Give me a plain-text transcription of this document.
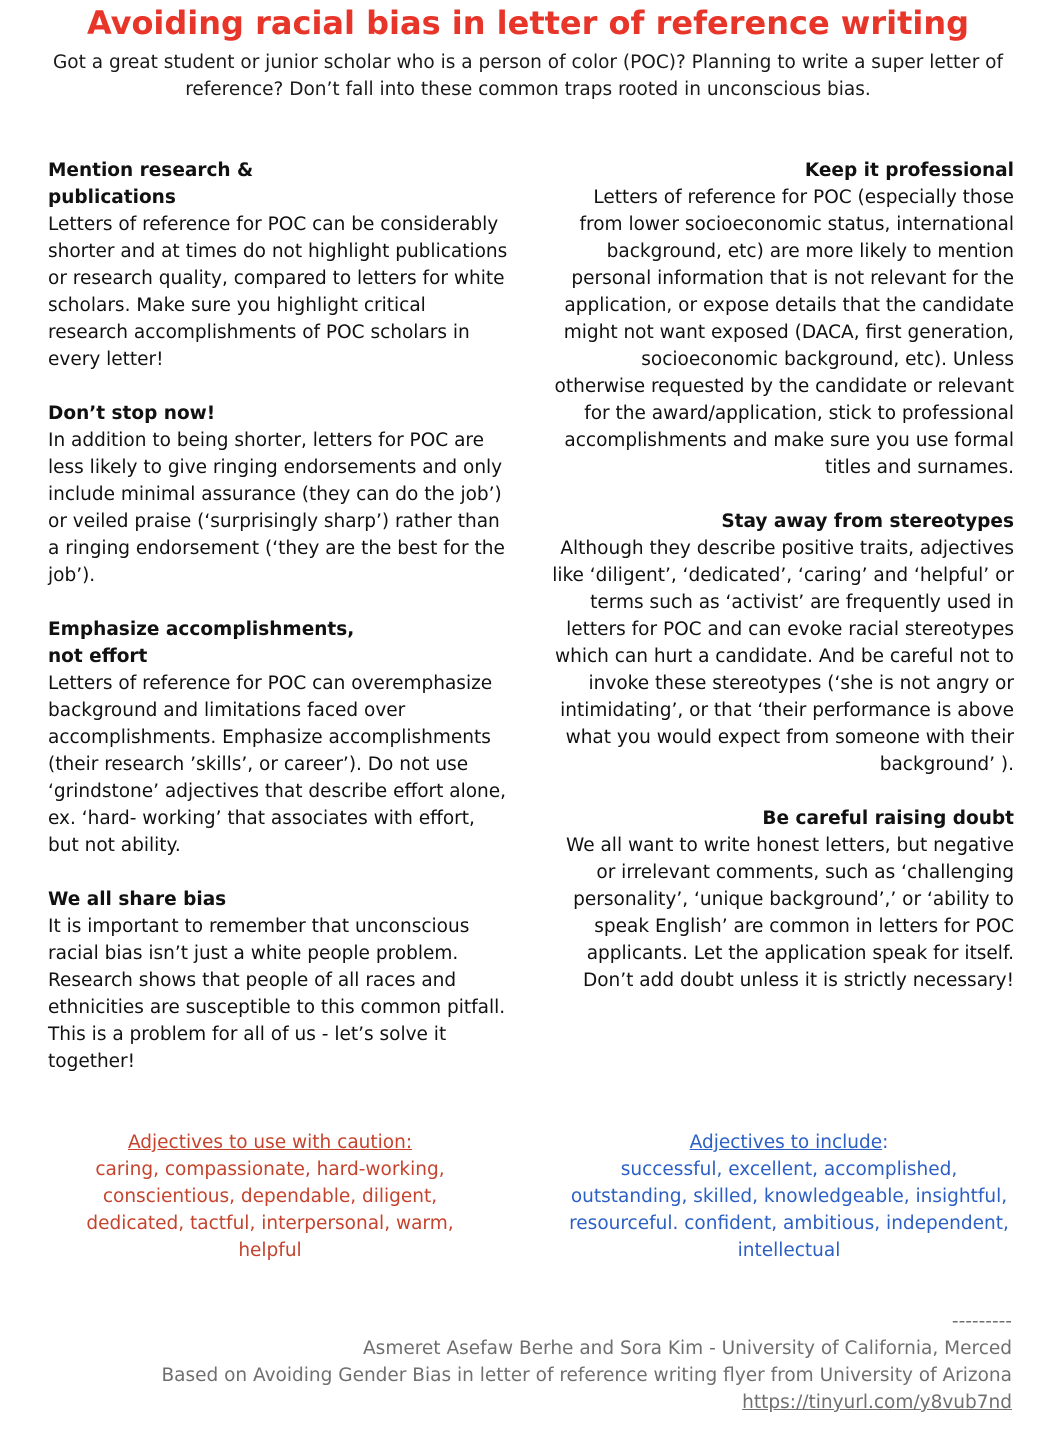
Avoiding racial bias in letter of reference writing
Got a great student or junior scholar who is a person of color (POC)? Planning to write a super letter of reference? Don’t fall into these common traps rooted in unconscious bias.
Mention research &
publications
Letters of reference for POC can be considerably shorter and at times do not highlight publications or research quality, compared to letters for white scholars. Make sure you highlight critical research accomplishments of POC scholars in every letter!
Don’t stop now!
In addition to being shorter, letters for POC are less likely to give ringing endorsements and only include minimal assurance (they can do the job’) or veiled praise (‘surprisingly sharp’) rather than a ringing endorsement (‘they are the best for the job’).
Emphasize accomplishments,
not effort
Letters of reference for POC can overemphasize background and limitations faced over accomplishments. Emphasize accomplishments (their research ’skills’, or career’). Do not use ‘grindstone’ adjectives that describe effort alone, ex. ‘hard- working’ that associates with effort, but not ability.
We all share bias
It is important to remember that unconscious racial bias isn’t just a white people problem. Research shows that people of all races and ethnicities are susceptible to this common pitfall. This is a problem for all of us - let’s solve it together!
Keep it professional
Letters of reference for POC (especially those from lower socioeconomic status, international background, etc) are more likely to mention personal information that is not relevant for the application, or expose details that the candidate might not want exposed (DACA, first generation, socioeconomic background, etc). Unless otherwise requested by the candidate or relevant for the award/application, stick to professional accomplishments and make sure you use formal titles and surnames.
Stay away from stereotypes
Although they describe positive traits, adjectives like ‘diligent’, ‘dedicated’, ‘caring’ and ‘helpful’ or terms such as ‘activist’ are frequently used in letters for POC and can evoke racial stereotypes which can hurt a candidate. And be careful not to invoke these stereotypes (‘she is not angry or intimidating’, or that ‘their performance is above what you would expect from someone with their background’ ).
Be careful raising doubt
We all want to write honest letters, but negative or irrelevant comments, such as ‘challenging personality’, ‘unique background’,’ or ‘ability to speak English’ are common in letters for POC applicants. Let the application speak for itself. Don’t add doubt unless it is strictly necessary!
Adjectives to use with caution:
caring, compassionate, hard-working, conscientious, dependable, diligent, dedicated, tactful, interpersonal, warm, helpful
Adjectives to include:
successful, excellent, accomplished, outstanding, skilled, knowledgeable, insightful, resourceful. confident, ambitious, independent, intellectual
---------
Asmeret Asefaw Berhe and Sora Kim - University of California, Merced
Based on Avoiding Gender Bias in letter of reference writing flyer from University of Arizona
https://tinyurl.com/y8vub7nd
